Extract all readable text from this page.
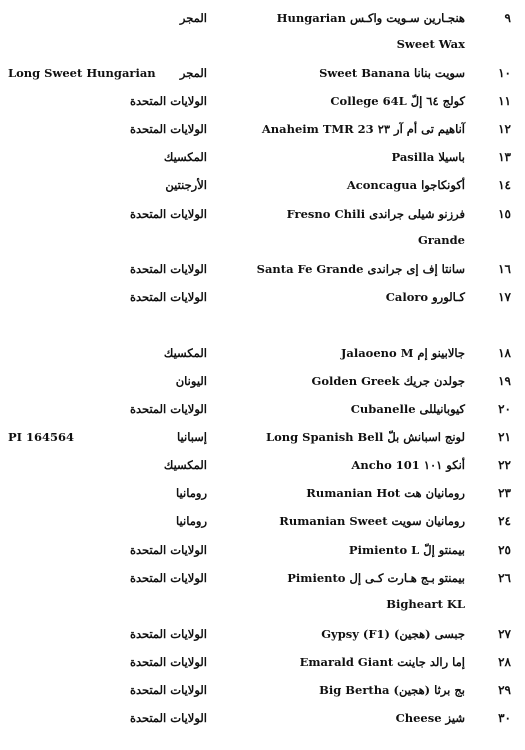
٩
هنجـارين سـويت واكـس Hungarian
Sweet Wax
المجر
١٠
سويت بنانا Sweet Banana
المجر
Long Sweet Hungarian
١١
كولج ٦٤ إلّ College 64L
الولايات المتحدة
١٢
آناهيم تى أم آر ٢٣ Anaheim TMR 23
الولايات المتحدة
١٣
باسيلا Pasilla
المكسيك
١٤
أكونكاجوا Aconcagua
الأرجنتين
١٥
فرزنو شيلى جراندى Fresno Chili
Grande
الولايات المتحدة
١٦
سانتا إف إى جراندى Santa Fe Grande
الولايات المتحدة
١٧
كـالورو Caloro
الولايات المتحدة
١٨
جالابينو إم Jalaoeno M
المكسيك
١٩
جولدن جريك Golden Greek
اليونان
٢٠
كيوبانيللى Cubanelle
الولايات المتحدة
٢١
لونج اسبانش بلّ Long Spanish Bell
إسبانيا
PI 164564
٢٢
أنكو ١٠١ Ancho 101
المكسيك
٢٣
رومانيان هت Rumanian Hot
رومانيا
٢٤
رومانيان سويت Rumanian Sweet
رومانيا
٢٥
بيمنتو إلّ Pimiento L
الولايات المتحدة
٢٦
بيمنتو بـج هـارت كـى إل Pimiento
Bigheart KL
الولايات المتحدة
٢٧
جبسى (هجين) (Gypsy (F1
الولايات المتحدة
٢٨
إما رالد جاينت Emarald Giant
الولايات المتحدة
٢٩
بج برثا (هجين) Big Bertha
الولايات المتحدة
٣٠
شيز Cheese
الولايات المتحدة
